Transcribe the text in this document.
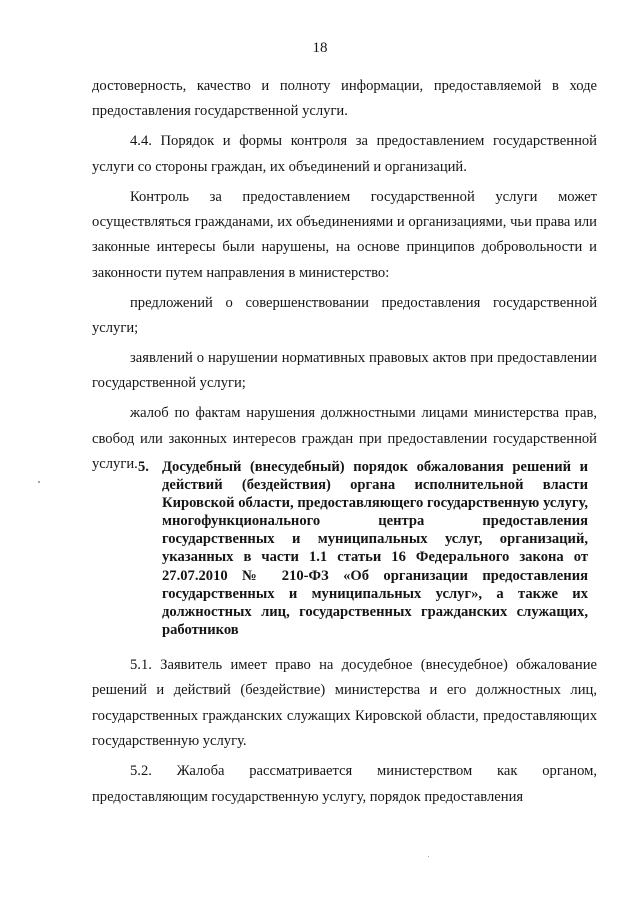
18

достоверность, качество и полноту информации, предоставляемой в ходе предоставления государственной услуги.

4.4. Порядок и формы контроля за предоставлением государственной услуги со стороны граждан, их объединений и организаций.

Контроль за предоставлением государственной услуги может осуществляться гражданами, их объединениями и организациями, чьи права или законные интересы были нарушены, на основе принципов добровольности и законности путем направления в министерство:

предложений о совершенствовании предоставления государственной услуги;

заявлений о нарушении нормативных правовых актов при предоставлении государственной услуги;

жалоб по фактам нарушения должностными лицами министерства прав, свобод или законных интересов граждан при предоставлении государственной услуги. 5. Досудебный (внесудебный) порядок обжалования решений и действий (бездействия) органа исполнительной власти Кировской области, предоставляющего государственную услугу, многофункционального центра предоставления государственных и муниципальных услуг, организаций, указанных в части 1.1 статьи 16 Федерального закона от 27.07.2010 № 210-ФЗ «Об организации предоставления государственных и муниципальных услуг», а также их должностных лиц, государственных гражданских служащих, работников

5.1. Заявитель имеет право на досудебное (внесудебное) обжалование решений и действий (бездействие) министерства и его должностных лиц, государственных гражданских служащих Кировской области, предоставляющих государственную услугу.

5.2. Жалоба рассматривается министерством как органом, предоставляющим государственную услугу, порядок предоставления
